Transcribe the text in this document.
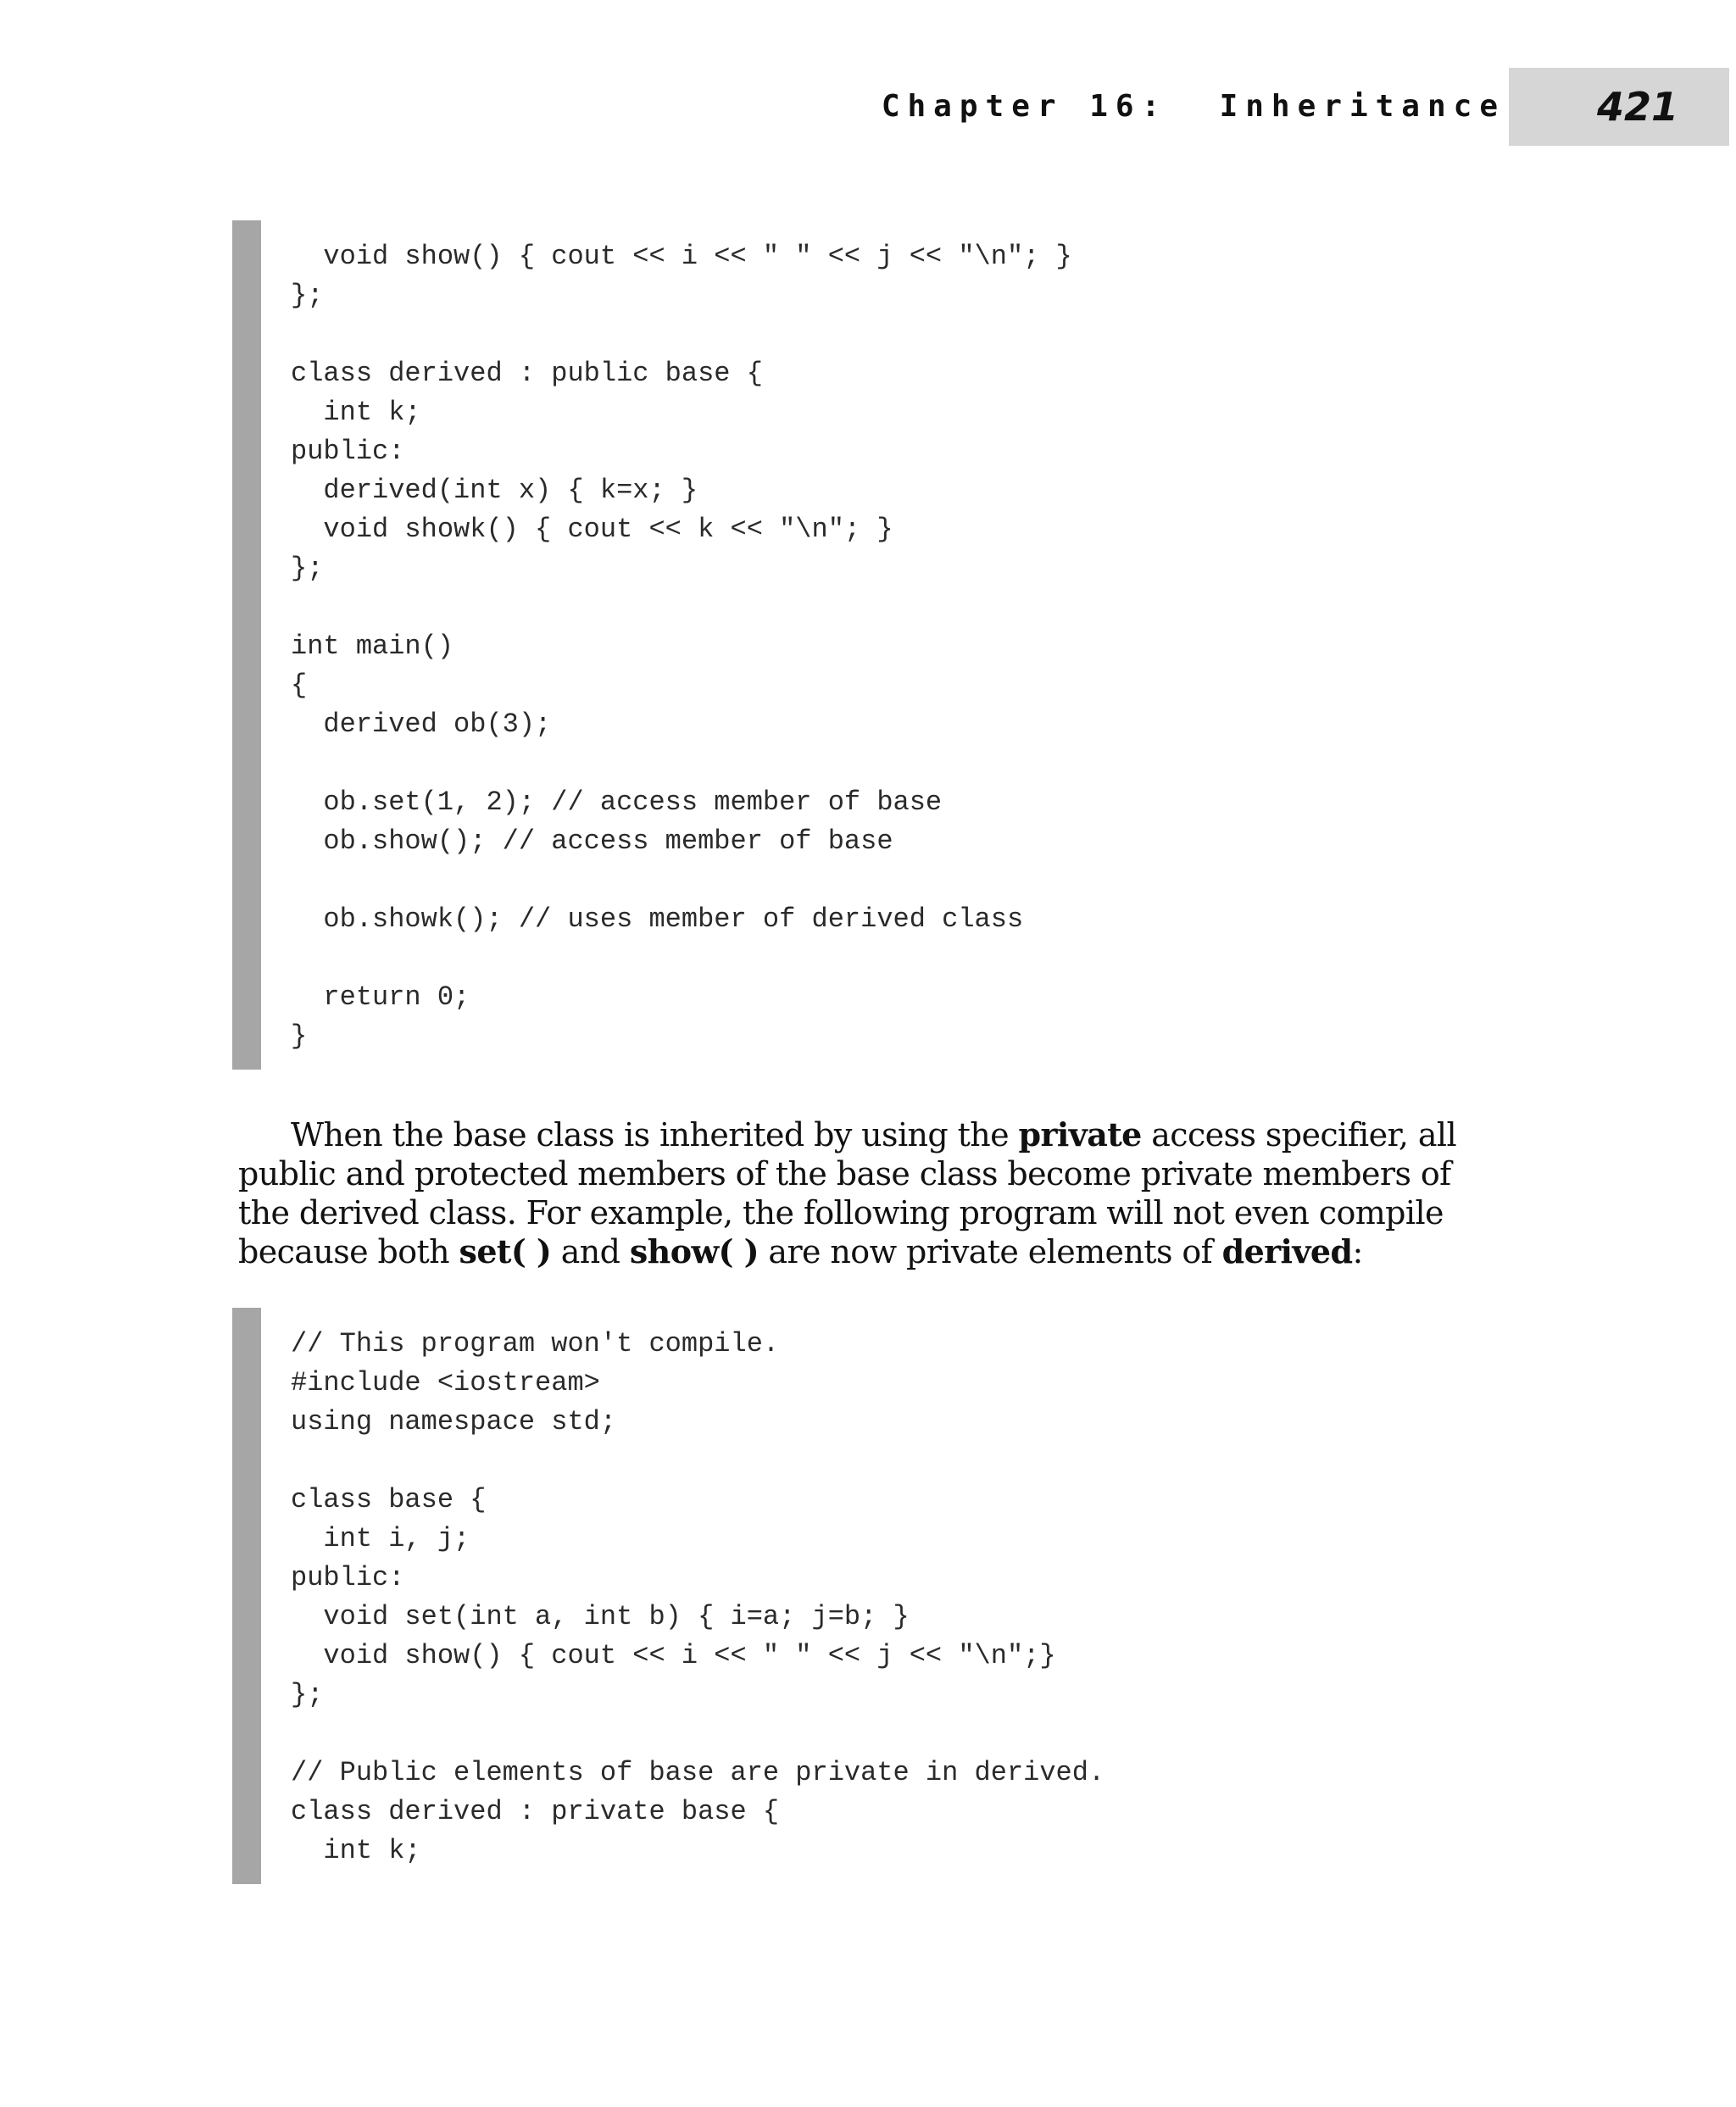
Chapter 16:  Inheritance	421
void show() { cout << i << " " << j << "\n"; }
};
class derived : public base {
int k;
public:
derived(int x) { k=x; }
void showk() { cout << k << "\n"; }
};
int main()
{
derived ob(3);
ob.set(1, 2); // access member of base
ob.show(); // access member of base
ob.showk(); // uses member of derived class
return 0;
}

When the base class is inherited by using the private access specifier, all public and protected members of the base class become private members of the derived class. For example, the following program will not even compile because both set( ) and show( ) are now private elements of derived:

// This program won't compile.
#include <iostream>
using namespace std;
class base {
int i, j;
public:
void set(int a, int b) { i=a; j=b; }
void show() { cout << i << " " << j << "\n";}
};
// Public elements of base are private in derived.
class derived : private base {
int k;
